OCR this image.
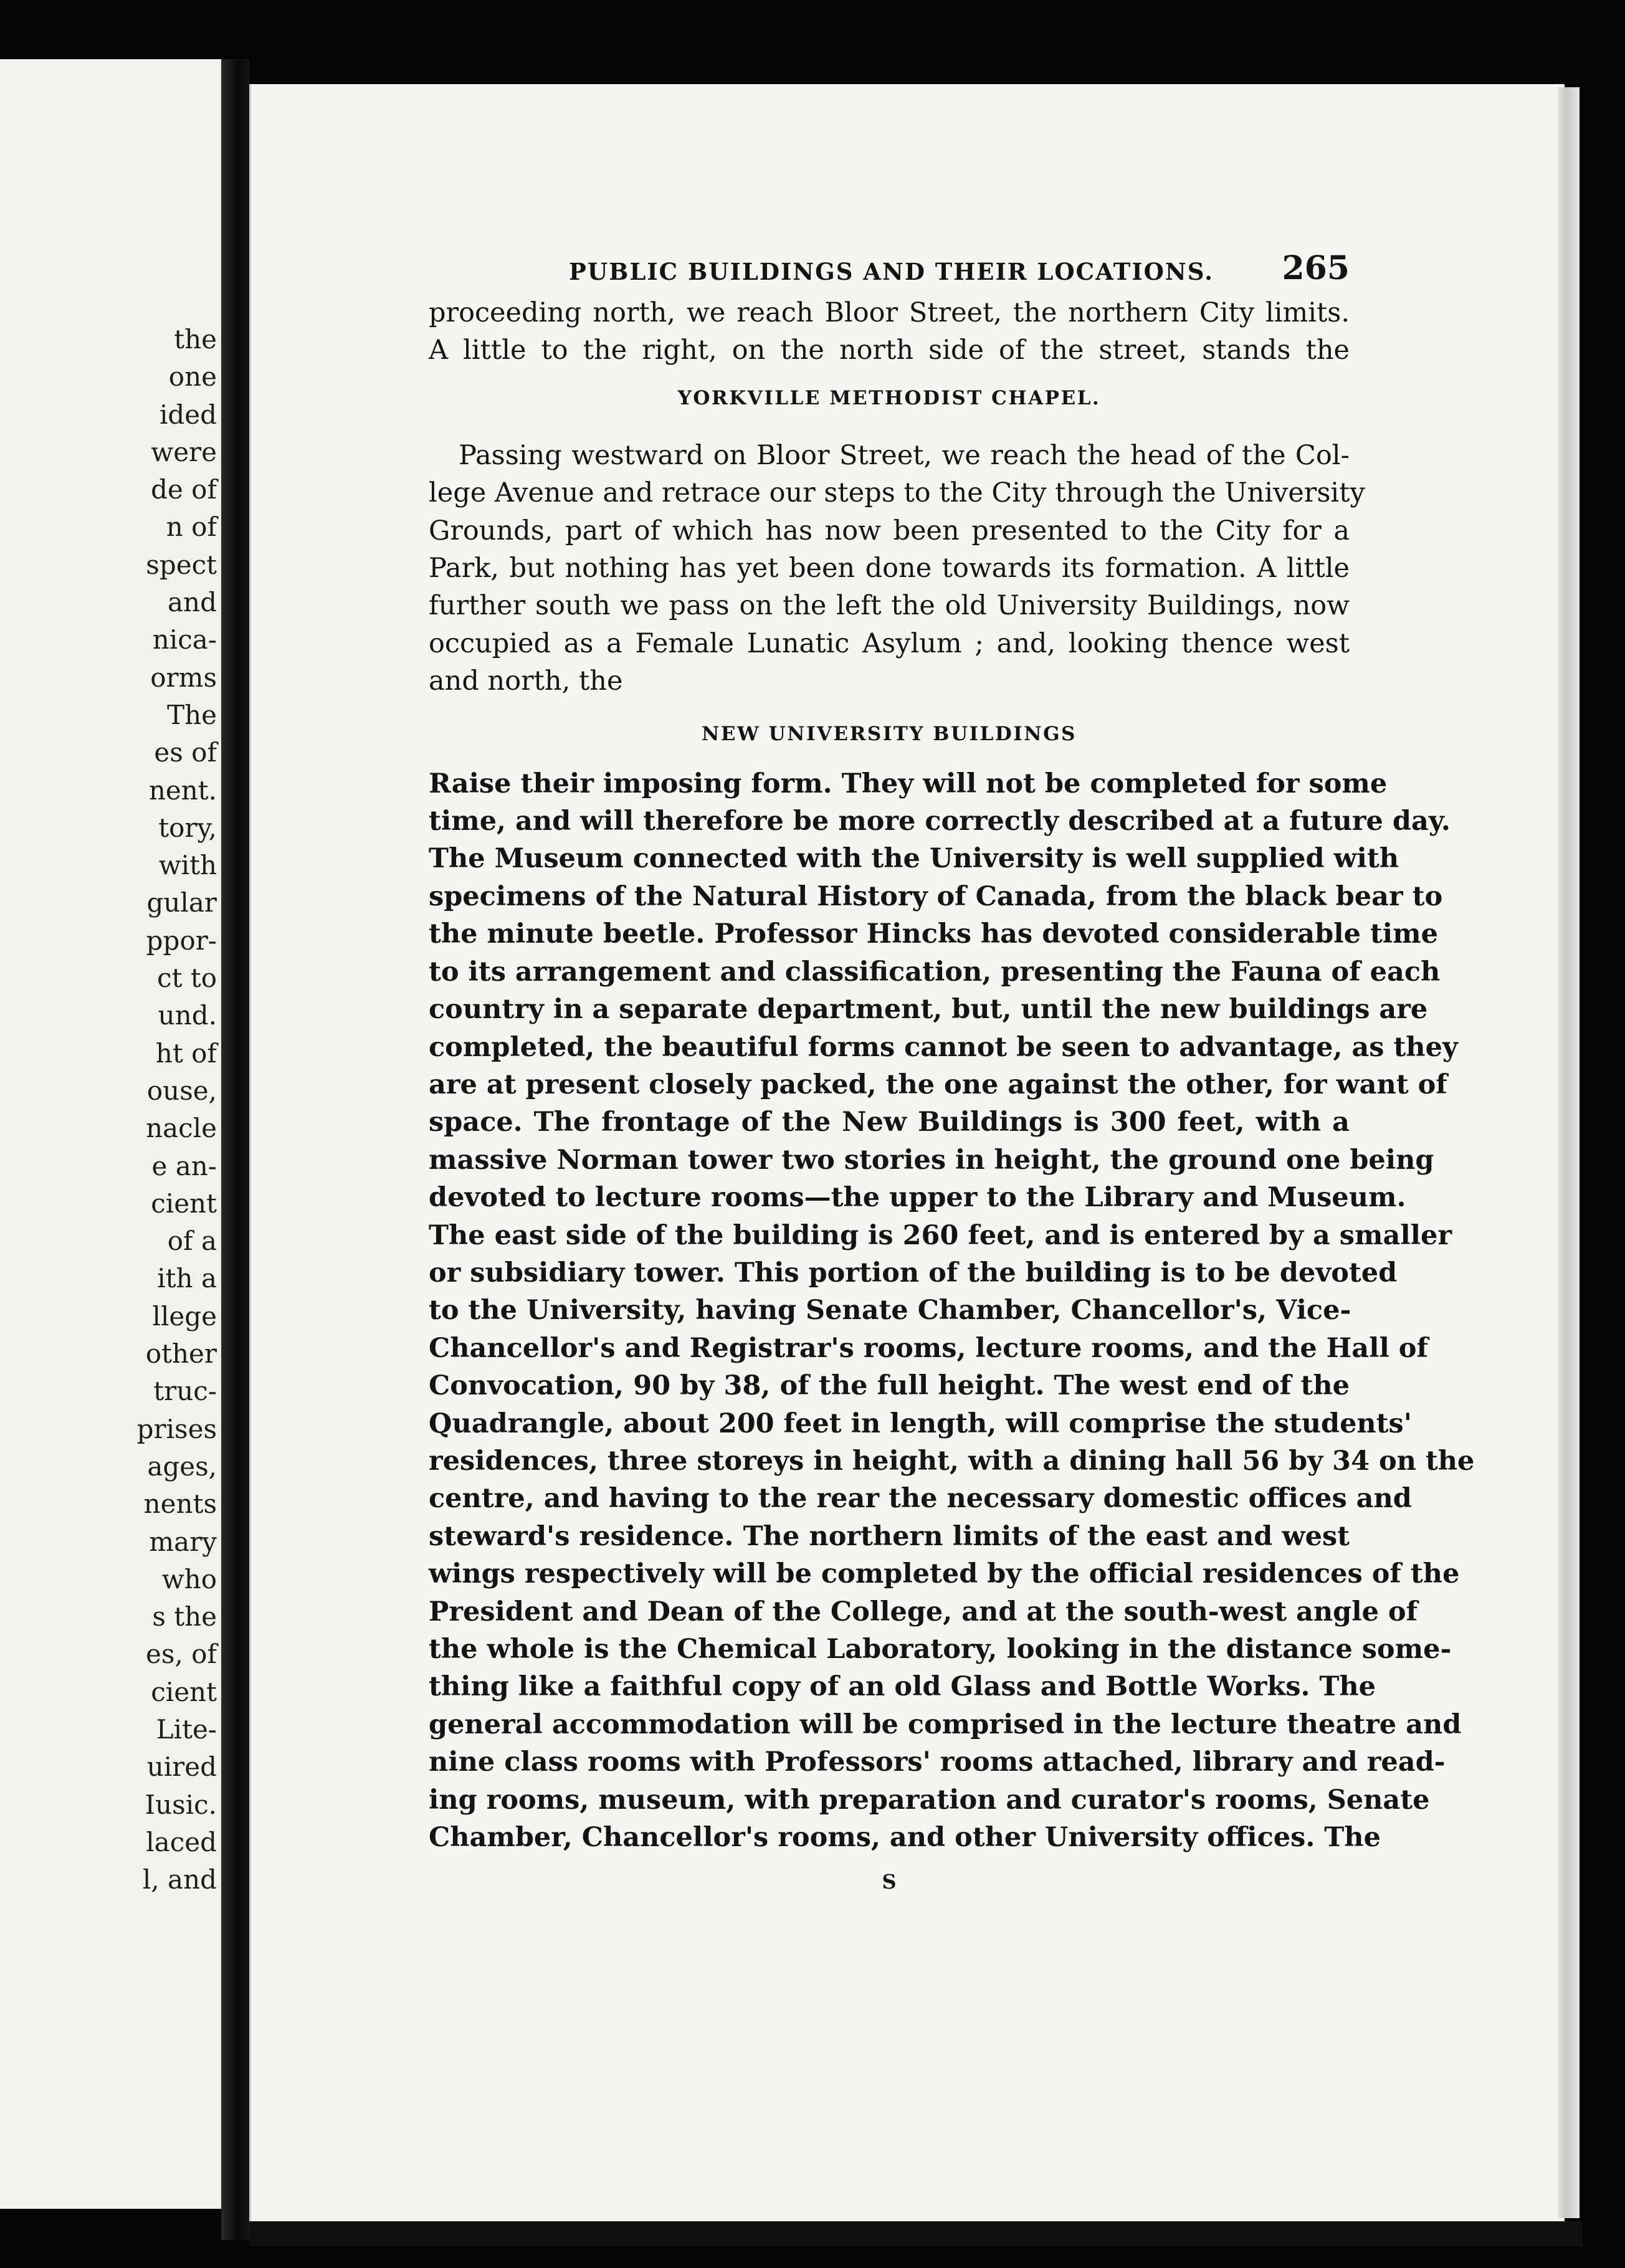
the
one
ided
were
de of
n of
spect
and
nica-
orms
The
es of
nent.
tory,
with
gular
ppor-
ct to
und.
ht of
ouse,
nacle
e an-
cient
of a
ith a
llege
other
truc-
prises
ages,
nents
mary
who
s the
es, of
cient
Lite-
uired
Iusic.
laced
l, and
PUBLIC BUILDINGS AND THEIR LOCATIONS. 265
proceeding north, we reach Bloor Street, the northern City limits.
A little to the right, on the north side of the street, stands the
YORKVILLE METHODIST CHAPEL.
Passing westward on Bloor Street, we reach the head of the Col-
lege Avenue and retrace our steps to the City through the University
Grounds, part of which has now been presented to the City for a
Park, but nothing has yet been done towards its formation. A little
further south we pass on the left the old University Buildings, now
occupied as a Female Lunatic Asylum ; and, looking thence west
and north, the
NEW UNIVERSITY BUILDINGS
Raise their imposing form. They will not be completed for some
time, and will therefore be more correctly described at a future day.
The Museum connected with the University is well supplied with
specimens of the Natural History of Canada, from the black bear to
the minute beetle. Professor Hincks has devoted considerable time
to its arrangement and classification, presenting the Fauna of each
country in a separate department, but, until the new buildings are
completed, the beautiful forms cannot be seen to advantage, as they
are at present closely packed, the one against the other, for want of
space. The frontage of the New Buildings is 300 feet, with a
massive Norman tower two stories in height, the ground one being
devoted to lecture rooms—the upper to the Library and Museum.
The east side of the building is 260 feet, and is entered by a smaller
or subsidiary tower. This portion of the building is to be devoted
to the University, having Senate Chamber, Chancellor's, Vice-
Chancellor's and Registrar's rooms, lecture rooms, and the Hall of
Convocation, 90 by 38, of the full height. The west end of the
Quadrangle, about 200 feet in length, will comprise the students'
residences, three storeys in height, with a dining hall 56 by 34 on the
centre, and having to the rear the necessary domestic offices and
steward's residence. The northern limits of the east and west
wings respectively will be completed by the official residences of the
President and Dean of the College, and at the south-west angle of
the whole is the Chemical Laboratory, looking in the distance some-
thing like a faithful copy of an old Glass and Bottle Works. The
general accommodation will be comprised in the lecture theatre and
nine class rooms with Professors' rooms attached, library and read-
ing rooms, museum, with preparation and curator's rooms, Senate
Chamber, Chancellor's rooms, and other University offices. The
S
